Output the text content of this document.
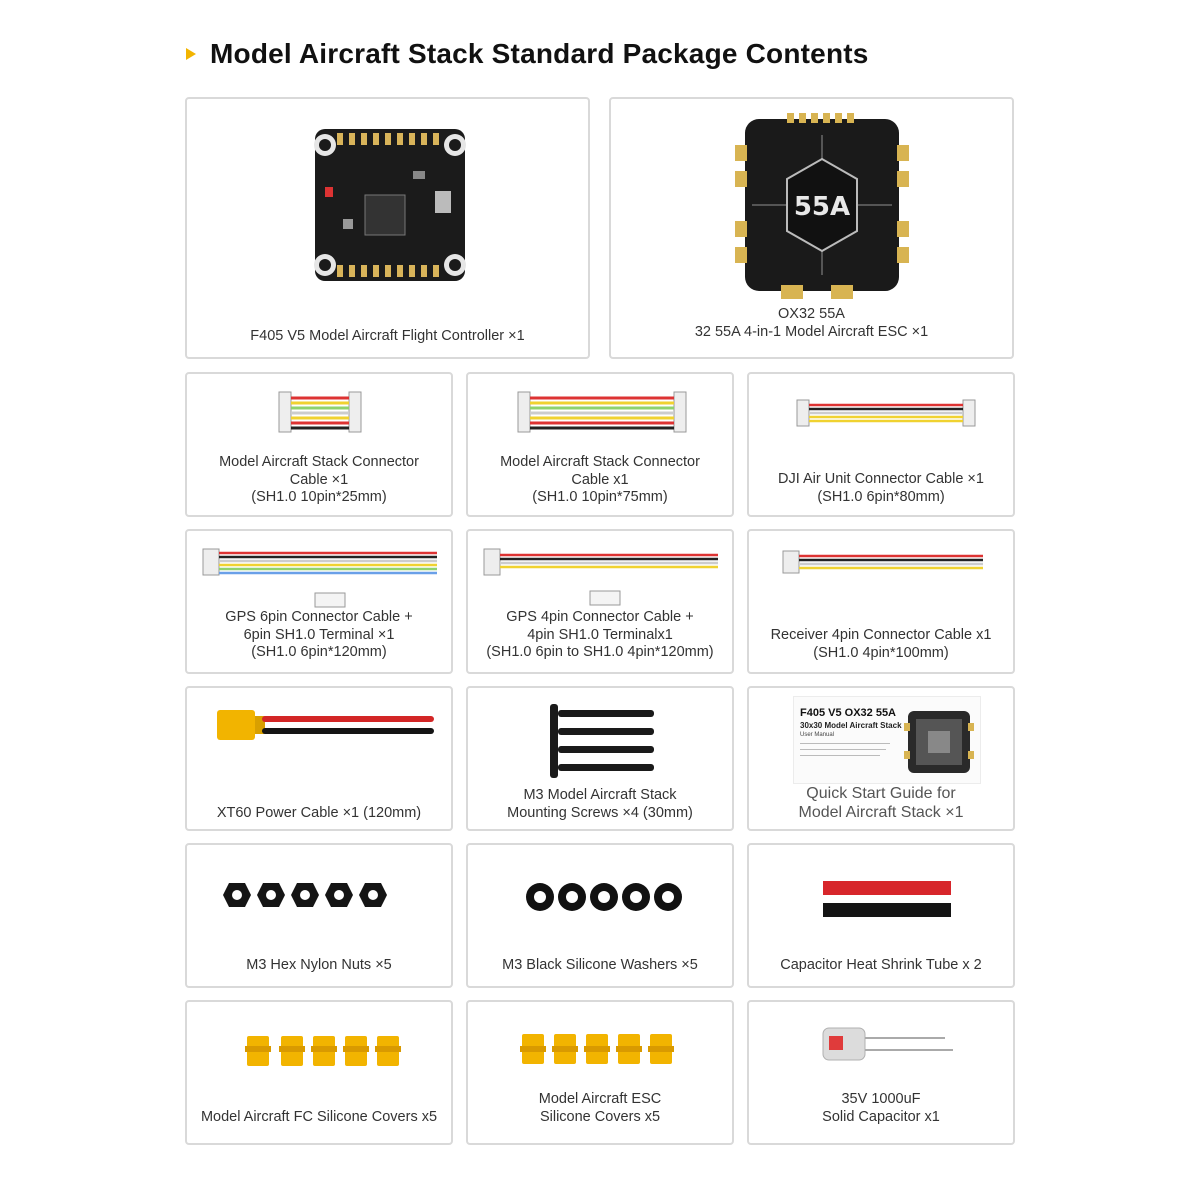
Model Aircraft Stack Standard Package Contents
F405 V5 Model Aircraft Flight Controller ×1
55A
OX32 55A
32 55A 4-in-1 Model Aircraft ESC ×1
Model Aircraft Stack Connector
Cable ×1
(SH1.0 10pin*25mm)
Model Aircraft Stack Connector
Cable x1
(SH1.0 10pin*75mm)
DJI Air Unit Connector Cable ×1
(SH1.0 6pin*80mm)
GPS 6pin Connector Cable +
6pin SH1.0 Terminal ×1
(SH1.0 6pin*120mm)
GPS 4pin Connector Cable +
4pin SH1.0 Terminalx1
(SH1.0 6pin to SH1.0 4pin*120mm)
Receiver 4pin Connector Cable x1
(SH1.0 4pin*100mm)
XT60 Power Cable ×1 (120mm)
M3 Model Aircraft Stack
Mounting Screws ×4 (30mm)
F405 V5 OX32 55A
30x30 Model Aircraft Stack
User Manual
Quick Start Guide for
Model Aircraft Stack ×1
M3 Hex Nylon Nuts ×5	M3 Black Silicone Washers ×5	Capacitor Heat Shrink Tube x 2
Model Aircraft FC Silicone Covers x5
Model Aircraft ESC
Silicone Covers x5
35V 1000uF
Solid Capacitor x1
